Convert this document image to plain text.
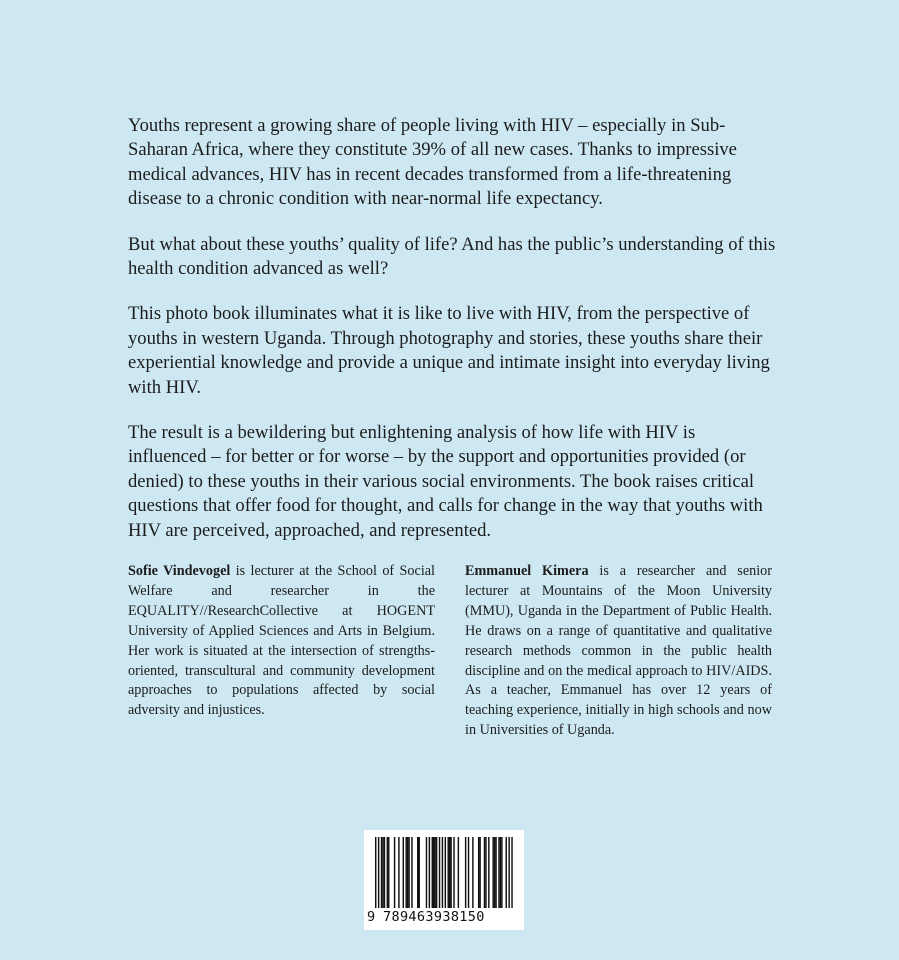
Youths represent a growing share of people living with HIV – especially in Sub-Saharan Africa, where they constitute 39% of all new cases. Thanks to impressive medical advances, HIV has in recent decades transformed from a life-threatening disease to a chronic condition with near-normal life expectancy.

But what about these youths’ quality of life? And has the public’s understanding of this health condition advanced as well?

This photo book illuminates what it is like to live with HIV, from the perspective of youths in western Uganda. Through photography and stories, these youths share their experiential knowledge and provide a unique and intimate insight into everyday living with HIV.

The result is a bewildering but enlightening analysis of how life with HIV is influenced – for better or for worse – by the support and opportunities provided (or denied) to these youths in their various social environments. The book raises critical questions that offer food for thought, and calls for change in the way that youths with HIV are perceived, approached, and represented.

Sofie Vindevogel is lecturer at the School of Social Welfare and researcher in the EQUALITY//ResearchCollective at HOGENT University of Applied Sciences and Arts in Belgium. Her work is situated at the intersection of strengths-oriented, transcultural and community development approaches to populations affected by social adversity and injustices.
Emmanuel Kimera is a researcher and senior lecturer at Mountains of the Moon University (MMU), Uganda in the Department of Public Health. He draws on a range of quantitative and qualitative research methods common in the public health discipline and on the medical approach to HIV/AIDS. As a teacher, Emmanuel has over 12 years of teaching experience, initially in high schools and now in Universities of Uganda.
9 789463938150
